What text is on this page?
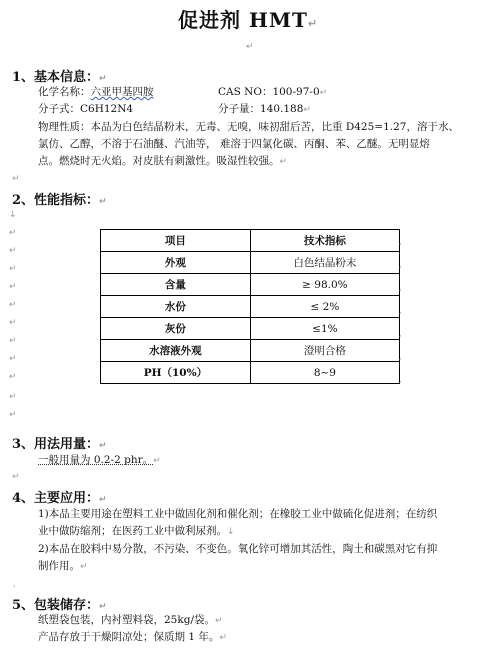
促进剂 HMT↵
↵
1、基本信息：↵
化学名称：六亚甲基四胺	CAS NO：100-97-0↵
分子式：C6H12N4	分子量：140.188↵
物理性质：本品为白色结晶粉末，无毒、无嗅，味初甜后苦，比重 D425=1.27，溶于水、
氯仿、乙醇，不溶于石油醚、汽油等， 难溶于四氯化碳、丙酮、苯、乙醚。无明显熔
点。燃烧时无火焰。对皮肤有刺激性。吸湿性较强。↵
↵
2、性能指标：↵
↓
↵
↵
↵
↵
↵
↵
↵
↵
↵
↵
↵
项目	技术指标
外观	白色结晶粉末
含量	≥ 98.0%
水份	≤ 2%
灰份	≤1%
水溶液外观	澄明合格
PH（10%）	8~9
¸
¸
¸
¸
¸
¸
¸
3、用法用量：↵
一般用量为 0.2-2 phr。↵
↵
4、主要应用：↵
1)本品主要用途在塑料工业中做固化剂和催化剂；在橡胶工业中做硫化促进剂；在纺织
业中做防缩剂；在医药工业中做利尿剂。↓
2)本品在胶料中易分散，不污染、不变色。氧化锌可增加其活性，陶土和碳黑对它有抑
制作用。↵
¸
5、包装储存：↵
纸塑袋包装，内衬塑料袋，25kg/袋。↵
产品存放于干燥阴凉处；保质期 1 年。↵
